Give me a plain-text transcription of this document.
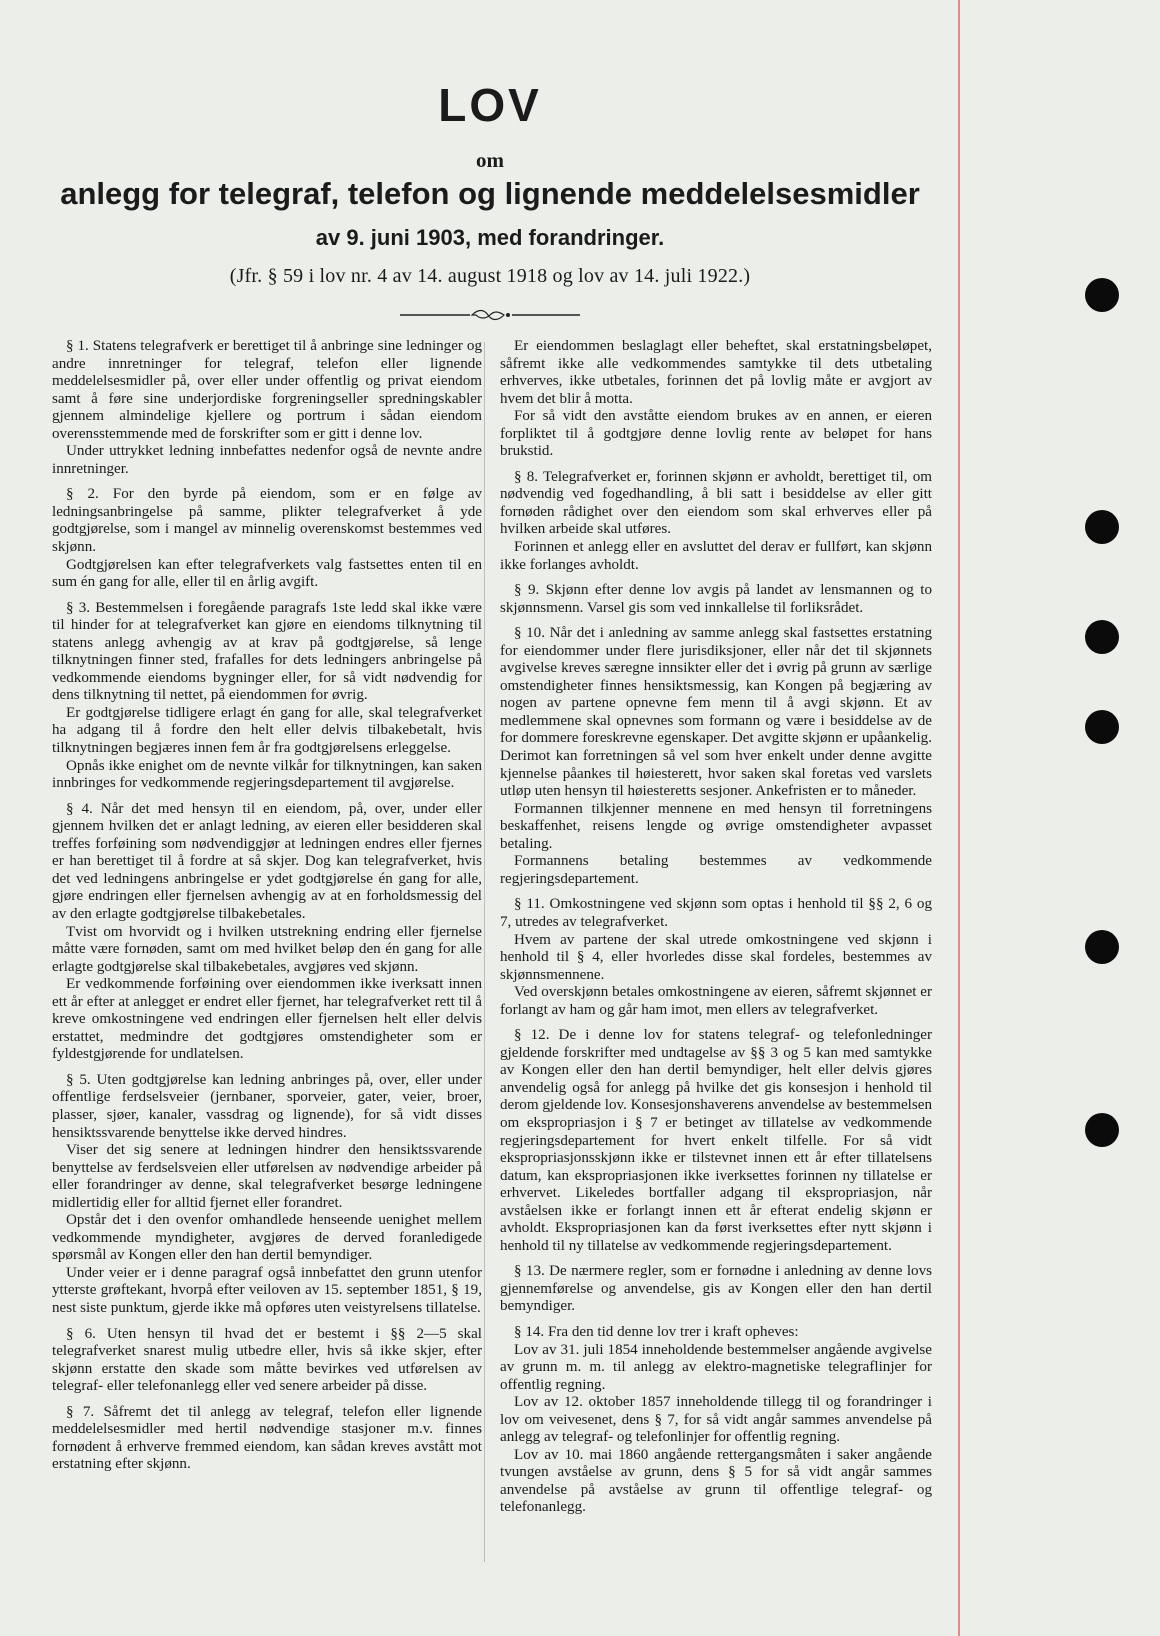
LOV
om
anlegg for telegraf, telefon og lignende meddelelsesmidler
av 9. juni 1903, med forandringer.
(Jfr. § 59 i lov nr. 4 av 14. august 1918 og lov av 14. juli 1922.)

§ 1. Statens telegrafverk er berettiget til å anbringe sine ledninger og andre innretninger for telegraf, telefon eller lignende meddelelsesmidler på, over eller under offentlig og privat eiendom samt å føre sine underjordiske forgreningseller spredningskabler gjennem almindelige kjellere og portrum i sådan eiendom overensstemmende med de forskrifter som er gitt i denne lov.

Under uttrykket ledning innbefattes nedenfor også de nevnte andre innretninger.

§ 2. For den byrde på eiendom, som er en følge av ledningsanbringelse på samme, plikter telegrafverket å yde godtgjørelse, som i mangel av minnelig overenskomst bestemmes ved skjønn.

Godtgjørelsen kan efter telegrafverkets valg fastsettes enten til en sum én gang for alle, eller til en årlig avgift.

§ 3. Bestemmelsen i foregående paragrafs 1ste ledd skal ikke være til hinder for at telegrafverket kan gjøre en eiendoms tilknytning til statens anlegg avhengig av at krav på godtgjørelse, så lenge tilknytningen finner sted, frafalles for dets ledningers anbringelse på vedkommende eiendoms bygninger eller, for så vidt nødvendig for dens tilknytning til nettet, på eiendommen for øvrig.

Er godtgjørelse tidligere erlagt én gang for alle, skal telegrafverket ha adgang til å fordre den helt eller delvis tilbakebetalt, hvis tilknytningen begjæres innen fem år fra godtgjørelsens erleggelse.

Opnås ikke enighet om de nevnte vilkår for tilknytningen, kan saken innbringes for vedkommende regjeringsdepartement til avgjørelse.

§ 4. Når det med hensyn til en eiendom, på, over, under eller gjennem hvilken det er anlagt ledning, av eieren eller besidderen skal treffes forføining som nødvendiggjør at ledningen endres eller fjernes er han berettiget til å fordre at så skjer. Dog kan telegrafverket, hvis det ved ledningens anbringelse er ydet godtgjørelse én gang for alle, gjøre endringen eller fjernelsen avhengig av at en forholdsmessig del av den erlagte godtgjørelse tilbakebetales.

Tvist om hvorvidt og i hvilken utstrekning endring eller fjernelse måtte være fornøden, samt om med hvilket beløp den én gang for alle erlagte godtgjørelse skal tilbakebetales, avgjøres ved skjønn.

Er vedkommende forføining over eiendommen ikke iverksatt innen ett år efter at anlegget er endret eller fjernet, har telegrafverket rett til å kreve omkostningene ved endringen eller fjernelsen helt eller delvis erstattet, medmindre det godtgjøres omstendigheter som er fyldestgjørende for undlatelsen.

§ 5. Uten godtgjørelse kan ledning anbringes på, over, eller under offentlige ferdselsveier (jernbaner, sporveier, gater, veier, broer, plasser, sjøer, kanaler, vassdrag og lignende), for så vidt disses hensiktssvarende benyttelse ikke derved hindres.

Viser det sig senere at ledningen hindrer den hensiktssvarende benyttelse av ferdselsveien eller utførelsen av nødvendige arbeider på eller forandringer av denne, skal telegrafverket besørge ledningene midlertidig eller for alltid fjernet eller forandret.

Opstår det i den ovenfor omhandlede henseende uenighet mellem vedkommende myndigheter, avgjøres de derved foranledigede spørsmål av Kongen eller den han dertil bemyndiger.

Under veier er i denne paragraf også innbefattet den grunn utenfor ytterste grøftekant, hvorpå efter veiloven av 15. september 1851, § 19, nest siste punktum, gjerde ikke må opføres uten veistyrelsens tillatelse.

§ 6. Uten hensyn til hvad det er bestemt i §§ 2—5 skal telegrafverket snarest mulig utbedre eller, hvis så ikke skjer, efter skjønn erstatte den skade som måtte bevirkes ved utførelsen av telegraf- eller telefonanlegg eller ved senere arbeider på disse.

§ 7. Såfremt det til anlegg av telegraf, telefon eller lignende meddelelsesmidler med hertil nødvendige stasjoner m.v. finnes fornødent å erhverve fremmed eiendom, kan sådan kreves avstått mot erstatning efter skjønn.

Er eiendommen beslaglagt eller beheftet, skal erstatningsbeløpet, såfremt ikke alle vedkommendes samtykke til dets utbetaling erhverves, ikke utbetales, forinnen det på lovlig måte er avgjort av hvem det blir å motta.

For så vidt den avståtte eiendom brukes av en annen, er eieren forpliktet til å godtgjøre denne lovlig rente av beløpet for hans brukstid.

§ 8. Telegrafverket er, forinnen skjønn er avholdt, berettiget til, om nødvendig ved fogedhandling, å bli satt i besiddelse av eller gitt fornøden rådighet over den eiendom som skal erhverves eller på hvilken arbeide skal utføres.

Forinnen et anlegg eller en avsluttet del derav er fullført, kan skjønn ikke forlanges avholdt.

§ 9. Skjønn efter denne lov avgis på landet av lensmannen og to skjønnsmenn. Varsel gis som ved innkallelse til forliksrådet.

§ 10. Når det i anledning av samme anlegg skal fastsettes erstatning for eiendommer under flere jurisdiksjoner, eller når det til skjønnets avgivelse kreves særegne innsikter eller det i øvrig på grunn av særlige omstendigheter finnes hensiktsmessig, kan Kongen på begjæring av nogen av partene opnevne fem menn til å avgi skjønn. Et av medlemmene skal opnevnes som formann og være i besiddelse av de for dommere foreskrevne egenskaper. Det avgitte skjønn er upåankelig. Derimot kan forretningen så vel som hver enkelt under denne avgitte kjennelse påankes til høiesterett, hvor saken skal foretas ved varslets utløp uten hensyn til høiesteretts sesjoner. Ankefristen er to måneder.

Formannen tilkjenner mennene en med hensyn til forretningens beskaffenhet, reisens lengde og øvrige omstendigheter avpasset betaling.

Formannens betaling bestemmes av vedkommende regjeringsdepartement.

§ 11. Omkostningene ved skjønn som optas i henhold til §§ 2, 6 og 7, utredes av telegrafverket.

Hvem av partene der skal utrede omkostningene ved skjønn i henhold til § 4, eller hvorledes disse skal fordeles, bestemmes av skjønnsmennene.

Ved overskjønn betales omkostningene av eieren, såfremt skjønnet er forlangt av ham og går ham imot, men ellers av telegrafverket.

§ 12. De i denne lov for statens telegraf- og telefonledninger gjeldende forskrifter med undtagelse av §§ 3 og 5 kan med samtykke av Kongen eller den han dertil bemyndiger, helt eller delvis gjøres anvendelig også for anlegg på hvilke det gis konsesjon i henhold til derom gjeldende lov. Konsesjonshaverens anvendelse av bestemmelsen om ekspropriasjon i § 7 er betinget av tillatelse av vedkommende regjeringsdepartement for hvert enkelt tilfelle. For så vidt ekspropriasjonsskjønn ikke er tilstevnet innen ett år efter tillatelsens datum, kan ekspropriasjonen ikke iverksettes forinnen ny tillatelse er erhvervet. Likeledes bortfaller adgang til ekspropriasjon, når avståelsen ikke er forlangt innen ett år efterat endelig skjønn er avholdt. Ekspropriasjonen kan da først iverksettes efter nytt skjønn i henhold til ny tillatelse av vedkommende regjeringsdepartement.

§ 13. De nærmere regler, som er fornødne i anledning av denne lovs gjennemførelse og anvendelse, gis av Kongen eller den han dertil bemyndiger.

§ 14. Fra den tid denne lov trer i kraft opheves:

Lov av 31. juli 1854 inneholdende bestemmelser angående avgivelse av grunn m. m. til anlegg av elektro-magnetiske telegraflinjer for offentlig regning.

Lov av 12. oktober 1857 inneholdende tillegg til og forandringer i lov om veivesenet, dens § 7, for så vidt angår sammes anvendelse på anlegg av telegraf- og telefonlinjer for offentlig regning.

Lov av 10. mai 1860 angående rettergangsmåten i saker angående tvungen avståelse av grunn, dens § 5 for så vidt angår sammes anvendelse på avståelse av grunn til offentlige telegraf- og telefonanlegg.
